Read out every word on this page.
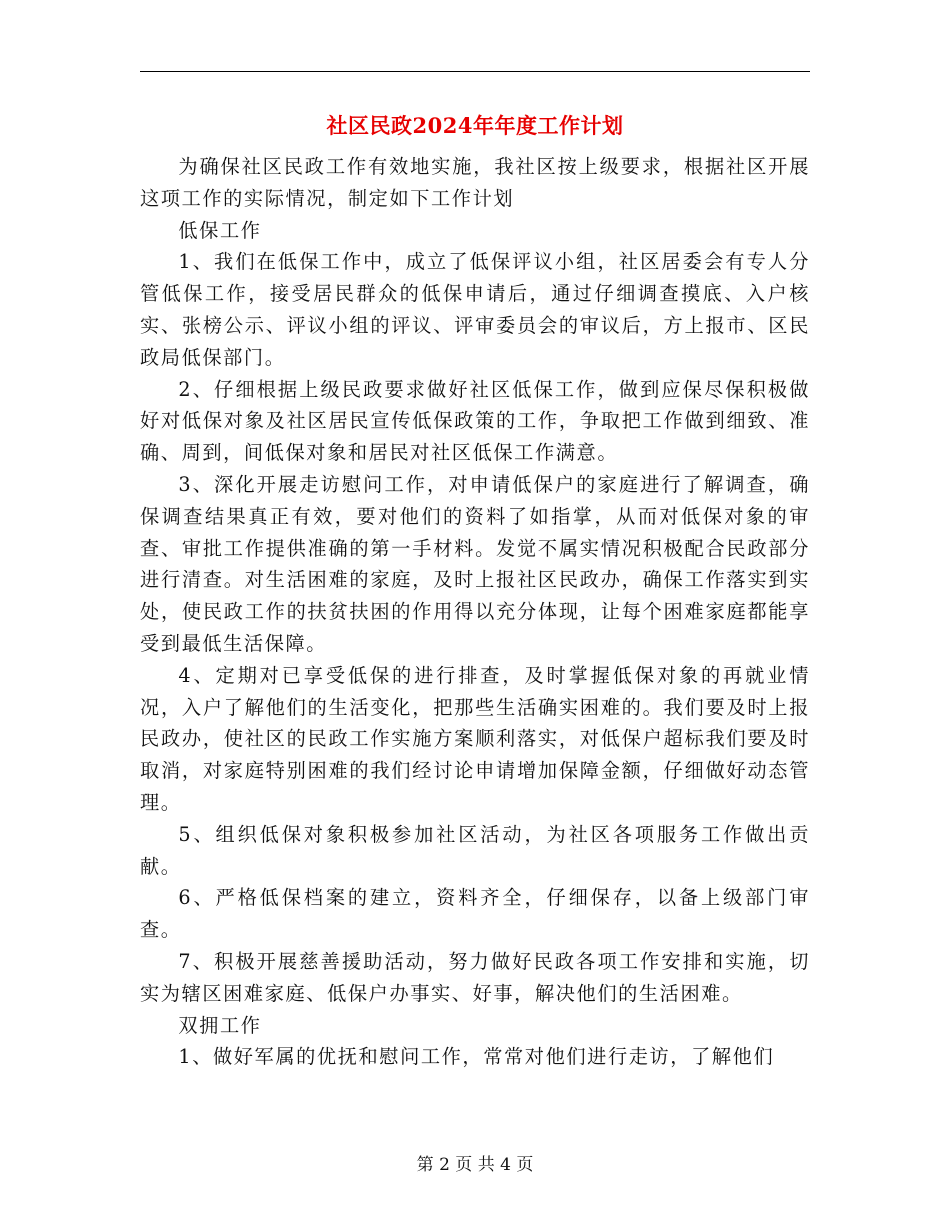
社区民政2024年年度工作计划

为确保社区民政工作有效地实施，我社区按上级要求，根据社区开展这项工作的实际情况，制定如下工作计划

低保工作

1、我们在低保工作中，成立了低保评议小组，社区居委会有专人分管低保工作，接受居民群众的低保申请后，通过仔细调查摸底、入户核实、张榜公示、评议小组的评议、评审委员会的审议后，方上报市、区民政局低保部门。

2、仔细根据上级民政要求做好社区低保工作，做到应保尽保积极做好对低保对象及社区居民宣传低保政策的工作，争取把工作做到细致、准确、周到，间低保对象和居民对社区低保工作满意。

3、深化开展走访慰问工作，对申请低保户的家庭进行了解调查，确保调查结果真正有效，要对他们的资料了如指掌，从而对低保对象的审查、审批工作提供准确的第一手材料。发觉不属实情况积极配合民政部分进行清查。对生活困难的家庭，及时上报社区民政办，确保工作落实到实处，使民政工作的扶贫扶困的作用得以充分体现，让每个困难家庭都能享受到最低生活保障。

4、定期对已享受低保的进行排查，及时掌握低保对象的再就业情况，入户了解他们的生活变化，把那些生活确实困难的。我们要及时上报民政办，使社区的民政工作实施方案顺利落实，对低保户超标我们要及时取消，对家庭特别困难的我们经讨论申请增加保障金额，仔细做好动态管理。

5、组织低保对象积极参加社区活动，为社区各项服务工作做出贡献。

6、严格低保档案的建立，资料齐全，仔细保存，以备上级部门审查。

7、积极开展慈善援助活动，努力做好民政各项工作安排和实施，切实为辖区困难家庭、低保户办事实、好事，解决他们的生活困难。

双拥工作

1、做好军属的优抚和慰问工作，常常对他们进行走访，了解他们

第 2 页 共 4 页
